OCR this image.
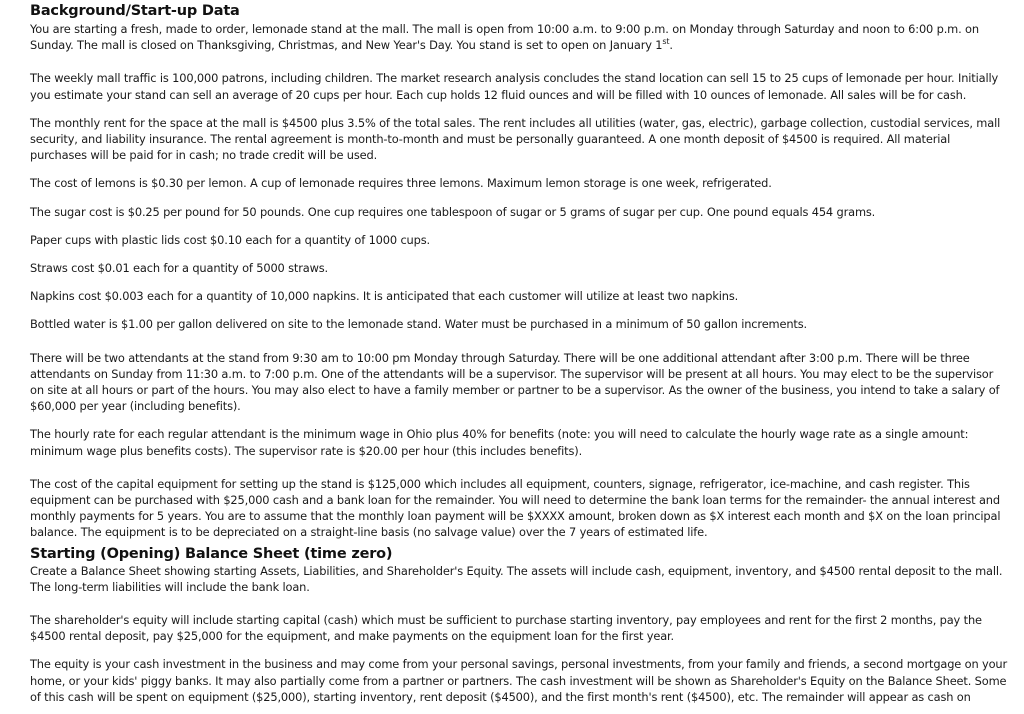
Background/Start-up Data

You are starting a fresh, made to order, lemonade stand at the mall. The mall is open from 10:00 a.m. to 9:00 p.m. on Monday through Saturday and noon to 6:00 p.m. on Sunday. The mall is closed on Thanksgiving, Christmas, and New Year's Day. You stand is set to open on January 1st.

The weekly mall traffic is 100,000 patrons, including children. The market research analysis concludes the stand location can sell 15 to 25 cups of lemonade per hour. Initially you estimate your stand can sell an average of 20 cups per hour. Each cup holds 12 fluid ounces and will be filled with 10 ounces of lemonade. All sales will be for cash.

The monthly rent for the space at the mall is $4500 plus 3.5% of the total sales. The rent includes all utilities (water, gas, electric), garbage collection, custodial services, mall security, and liability insurance. The rental agreement is month-to-month and must be personally guaranteed. A one month deposit of $4500 is required. All material purchases will be paid for in cash; no trade credit will be used.

The cost of lemons is $0.30 per lemon. A cup of lemonade requires three lemons. Maximum lemon storage is one week, refrigerated.

The sugar cost is $0.25 per pound for 50 pounds. One cup requires one tablespoon of sugar or 5 grams of sugar per cup. One pound equals 454 grams.

Paper cups with plastic lids cost $0.10 each for a quantity of 1000 cups.

Straws cost $0.01 each for a quantity of 5000 straws.

Napkins cost $0.003 each for a quantity of 10,000 napkins. It is anticipated that each customer will utilize at least two napkins.

Bottled water is $1.00 per gallon delivered on site to the lemonade stand. Water must be purchased in a minimum of 50 gallon increments.

There will be two attendants at the stand from 9:30 am to 10:00 pm Monday through Saturday. There will be one additional attendant after 3:00 p.m. There will be three attendants on Sunday from 11:30 a.m. to 7:00 p.m. One of the attendants will be a supervisor. The supervisor will be present at all hours. You may elect to be the supervisor on site at all hours or part of the hours. You may also elect to have a family member or partner to be a supervisor. As the owner of the business, you intend to take a salary of $60,000 per year (including benefits).

The hourly rate for each regular attendant is the minimum wage in Ohio plus 40% for benefits (note: you will need to calculate the hourly wage rate as a single amount: minimum wage plus benefits costs). The supervisor rate is $20.00 per hour (this includes benefits).

The cost of the capital equipment for setting up the stand is $125,000 which includes all equipment, counters, signage, refrigerator, ice-machine, and cash register. This equipment can be purchased with $25,000 cash and a bank loan for the remainder. You will need to determine the bank loan terms for the remainder- the annual interest and monthly payments for 5 years. You are to assume that the monthly loan payment will be $XXXX amount, broken down as $X interest each month and $X on the loan principal balance. The equipment is to be depreciated on a straight-line basis (no salvage value) over the 7 years of estimated life.

Starting (Opening) Balance Sheet (time zero)

Create a Balance Sheet showing starting Assets, Liabilities, and Shareholder's Equity. The assets will include cash, equipment, inventory, and $4500 rental deposit to the mall. The long-term liabilities will include the bank loan.

The shareholder's equity will include starting capital (cash) which must be sufficient to purchase starting inventory, pay employees and rent for the first 2 months, pay the $4500 rental deposit, pay $25,000 for the equipment, and make payments on the equipment loan for the first year.

The equity is your cash investment in the business and may come from your personal savings, personal investments, from your family and friends, a second mortgage on your home, or your kids' piggy banks. It may also partially come from a partner or partners. The cash investment will be shown as Shareholder's Equity on the Balance Sheet. Some of this cash will be spent on equipment ($25,000), starting inventory, rent deposit ($4500), and the first month's rent ($4500), etc. The remainder will appear as cash on
